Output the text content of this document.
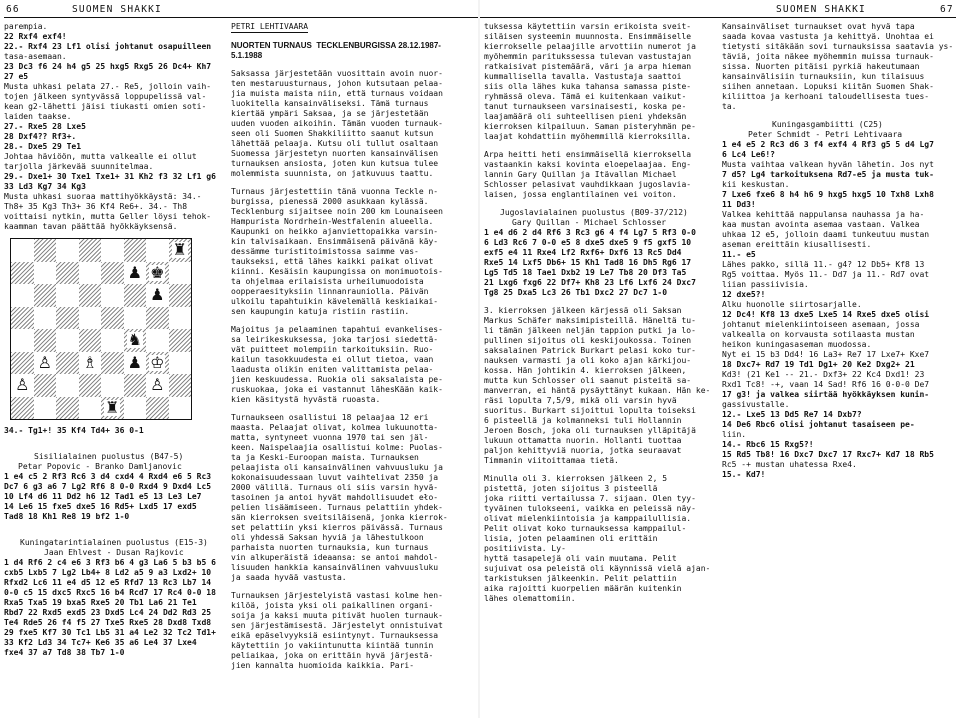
66	SUOMEN SHAKKI
parempia.
22 Rxf4 exf4!
22.- Rxf4 23 Lf1 olisi johtanut osapuilleen
tasa-asemaan.
23 Dc3 f6 24 h4 g5 25 hxg5 Rxg5 26 Dc4+ Kh7
27 e5
Musta uhkasi pelata 27.- Re5, jolloin vaih-
tojen jälkeen syntyvässä loppupelissä val-
kean g2-lähetti jäisi tiukasti omien soti-
laiden taakse.
27.- Rxe5 28 Lxe5
28 Dxf4?? Rf3+.
28.- Dxe5 29 Te1
Johtaa häviöön, mutta valkealle ei ollut
tarjolla järkevää suunnitelmaa.
29.- Dxe1+ 30 Txe1 Txe1+ 31 Kh2 f3 32 Lf1 g6
33 Ld3 Kg7 34 Kg3
Musta uhkasi suoraa mattihyökkäystä: 34.-
Th8+ 35 Kg3 Th3+ 36 Kf4 Re6+. 34.- Th8
voittaisi nytkin, mutta Geller löysi tehok-
kaamman tavan päättää hyökkäyksensä.
♜
♟ ♚
♟
♞
♙ ♗ ♟ ♔
♙	♙
♜
34.- Tg1+! 35 Kf4 Td4+ 36 0-1
Sisilialainen puolustus (B47-5)
Petar Popovic - Branko Damljanovic
1 e4 c5 2 Rf3 Rc6 3 d4 cxd4 4 Rxd4 e6 5 Rc3
Dc7 6 g3 a6 7 Lg2 Rf6 8 0-0 Rxd4 9 Dxd4 Lc5
10 Lf4 d6 11 Dd2 h6 12 Tad1 e5 13 Le3 Le7
14 Le6 15 fxe5 dxe5 16 Rd5+ Lxd5 17 exd5
Tad8 18 Kh1 Re8 19 bf2 1-0
Kuningatarintialainen puolustus (E15-3)
Jaan Ehlvest - Dusan Rajkovic
1 d4 Rf6 2 c4 e6 3 Rf3 b6 4 g3 La6 5 b3 b5 6
cxb5 Lxb5 7 Lg2 Lb4+ 8 Ld2 a5 9 a3 Lxd2+ 10
Rfxd2 Lc6 11 e4 d5 12 e5 Rfd7 13 Rc3 Lb7 14
0-0 c5 15 dxc5 Rxc5 16 b4 Rcd7 17 Rc4 0-0 18
Rxa5 Txa5 19 bxa5 Rxe5 20 Tb1 La6 21 Te1
Rbd7 22 Rxd5 exd5 23 Dxd5 Lc4 24 Dd2 Rd3 25
Te4 Rde5 26 f4 f5 27 Txe5 Rxe5 28 Dxd8 Txd8
29 fxe5 Kf7 30 Tc1 Lb5 31 a4 Le2 32 Tc2 Td1+
33 Kf2 Ld3 34 Tc7+ Ke6 35 a6 Le4 37 Lxe4
fxe4 37 a7 Td8 38 Tb7 1-0
PETRI LEHTIVAARA
NUORTEN TURNAUS  TECKLENBURGISSA 28.12.1987-
5.1.1988
Saksassa järjestetään vuosittain avoin nuor-
ten mestaruusturnaus, johon kutsutaan pelaa-
jia muista maista niin, että turnaus voidaan
luokitella kansainväliseksi. Tämä turnaus
kiertää ympäri Saksaa, ja se järjestetään
uuden vuoden aikoihin. Tämän vuoden turnauk-
seen oli Suomen Shakkiliitto saanut kutsun
lähettää pelaaja. Kutsu oli tullut osaltaan
Suomessa järjestetyn nuorten kansainvälisen
turnauksen ansiosta, joten kun kutsua tuleе
molemmista suunnista, on jatkuvuus taattu.
Turnaus järjestettiin tänä vuonna Teckle n-
burgissa, pienessä 2000 asukkaan kylässä.
Tecklenburg sijaitsee noin 200 km Lounaiseen
Hampurista Nordrhein-Westfalenin alueella.
Kaupunki on heikko ajanviettopaikka varsin-
kin talvisaikaan. Ensimmäisenä päivänä käy-
dessämme turistitoimistossa saimme vas-
taukseksi, että lähes kaikki paikat olivat
kiinni. Kesäisin kaupungissa on monimuotois-
ta ohjelmaa erilaisista urheilumuodoista
oopperaesityksiin linnanrauniolla. Päivän
ulkoilu tapahtuikin kävelemällä keskiaikai-
sen kaupungin katuja ristiin rastiin.
Majoitus ja pelaaminen tapahtui evankelises-
sa leirikeskuksessa, joka tarjosi siedettä-
vät puitteet molempiin tarkoituksiin. Ruo-
kailun tasokkuudesta ei ollut tietoa, vaan
laadusta olikin eniten valittamista pelaa-
jien keskuudessa. Ruokia oli saksalaista pe-
ruskuokaa, joka ei vastannut lähesKään kaik-
kien käsitystä hyvästä ruoasta.
Turnaukseen osallistui 18 pelaajaa 12 eri
maasta. Pelaajat olivat, kolmea lukuunotta-
matta, syntyneet vuonna 1970 tai sen jäl-
keen. Naispelaajia osallistui kolme: Puolas-
ta ja Keski-Euroopan maista. Turnauksen
pelaajista oli kansainvälinen vahvuusluku ja
kokonaisuudessaan luvut vaihtelivat 2350 ja
2000 välillä. Turnaus oli siis varsin hyvä-
tasoinen ja antoi hyvät mahdollisuudet eło-
pelien lisäämiseen. Turnaus pelattiin yhdek-
sän kierroksen sveitsiläisenä, jonka kierrok-
set pelattiin yksi kierros päivässä. Turnaus
oli yhdessä Saksan hyviä ja lähestulkoon
parhaista nuorten turnauksia, kun turnaus
vin alkuperäistä ideaansa: se antoi mahdol-
lisuuden hankkia kansainvälinen vahvuusluku
ja saada hyvää vastusta.
Turnauksen järjestelyistä vastasi kolme hen-
kilöä, joista yksi oli paikallinen organi-
soija ja kaksi muuta pitivät huolen turnauk-
sen järjestämisestä. Järjestelyt onnistuivat
eikä epäselvyyksiä esiintynyt. Turnauksessa
käytettiin jo vakiintunutta kiintää tunnin
peliaikaa, joka on erittäin hyvä järjestä-
jien kannalta huomioida kaikkia. Pari-
SUOMEN SHAKKI	67
tuksessa käytettiin varsin erikoista sveit-
siläisen systeemin muunnosta. Ensimmäiselle
kierrokselle pelaajille arvottiin numerot ja
myöhemmin paritukssessa tulevan vastustajan
ratkaisivat pistemäärä, väri ja arpa hieman
kummallisella tavalla. Vastustaja saattoi
siis olla lähes kuka tahansa samassa piste-
ryhmässä oleva. Tämä ei kuitenkaan vaikut-
tanut turnaukseen varsinaisesti, koska pe-
laajamäärä oli suhteellisen pieni yhdeksän
kierroksen kilpailuun. Saman pisteryhmän pe-
laajat kohdattiin myöhemmillä kierroksilla.
Arpa heitti heti ensimmäisellä kierroksella
vastaankin kaksi kovinta eloepelaajaa. Eng-
lannin Gary Quillan ja Itävallan Michael
Schlosser pelasivat vauhdikkaan jugoslavia-
laisen, jossa englantilainen vei voiton.
Jugoslavialainen puolustus (B09-37/212)
Gary Quillan - Michael Schlosser
1 e4 d6 2 d4 Rf6 3 Rc3 g6 4 f4 Lg7 5 Rf3 0-0
6 Ld3 Rc6 7 0-0 e5 8 dxe5 dxe5 9 f5 gxf5 10
exf5 e4 11 Rxe4 Lf2 Rxf6+ Dxf6 13 Rc5 Dd4
Rxe5 14 Lxf5 Db6+ 15 Kh1 Tad8 16 Dh5 Rg6 17
Lg5 Td5 18 Tae1 Dxb2 19 Le7 Tb8 20 Df3 Ta5
21 Lxg6 fxg6 22 Df7+ Kh8 23 Lf6 Lxf6 24 Dxc7
Tg8 25 Dxa5 Lc3 26 Tb1 Dxc2 27 Dc7 1-0
3. kierroksen jälkeen kärjessä oli Saksan
Markus Schäfer maksimipisteillä. Häneltä tu-
li tämän jälkeen neljän tappion putki ja lo-
pullinen sijoitus oli keskijoukossa. Toinen
saksalainen Patrick Burkart pelasi koko tur-
nauksen varmasti ja oli koko ajan kärkijou-
kossa. Hän johtikin 4. kierroksen jälkeen,
mutta kun Schlosser oli saanut pisteitä sa-
manverran, ei häntä pysäyttänyt kukaan. Hän ke-
räsi lopulta 7,5/9, mikä oli varsin hyvä
suoritus. Burkart sijoittui lopulta toiseksi
6 pisteellä ja kolmanneksi tuli Hollannin
Jeroen Bosch, joka oli turnauksen ylläpitäjä
lukuun ottamatta nuorin. Hollanti tuottaa
paljon kehittyviä nuoria, jotka seuraavat
Timmanin viitoittamaa tietä.
Minulla oli 3. kierroksen jälkeen 2, 5
pistettä, joten sijoitus 3 pisteellä
joka riitti vertailussa 7. sijaan. Olen tyy-
tyväinen tulokseeni, vaikka en peleissä näy-
olivat mielenkiintoisia ja kamppailullisia.
Pelit olivat koko turnauksessa kamppailul-
lisia, joten pelaaminen oli erittäin positiivista. Ly-
hyttä tasapelejä oli vain muutama. Pelit
sujuivat osa peleistä oli käynnissä vielä ajan-
tarkistuksen jälkeenkin. Pelit pelattiin
aika rajoitti kuorpelien määrän kuitenkin
lähes olemattomiin.
Kansainväliset turnaukset ovat hyvä tapa
saada kovaa vastusta ja kehittyä. Unohtaa ei
tietysti sitäkään sovi turnauksissa saatavia ys-
täviä, joita näkee myöhemmin muissa turnauk-
sissa. Nuorten pitäisi pyrkiä hakeutumaan
kansainvälisiin turnauksiin, kun tilaisuus
siihen annetaan. Lopuksi kiitän Suomen Shak-
kiliittoa ja kerhoani taloudellisesta tues-
ta.
Kuningasgambiitti (C25)
Peter Schmidt - Petri Lehtivaara
1 e4 e5 2 Rc3 d6 3 f4 exf4 4 Rf3 g5 5 d4 Lg7
6 Lc4 Le6!?
Musta vaihtaa valkean hyvän lähetin. Jos nyt
7 d5? Lg4 tarkoituksena Rd7-e5 ja musta tuk-
kii keskustan.
7 Lxe6 fxe6 8 h4 h6 9 hxg5 hxg5 10 Txh8 Lxh8
11 Dd3!
Valkea kehittää nappulansa nauhassa ja ha-
kaa mustan avointa asemaa vastaan. Valkea
uhkaa 12 e5, jolloin daami tunkeutuu mustan
aseman ereittäin kiusallisesti.
11.- e5
Lähes pakko, sillä 11.- g4? 12 Db5+ Kf8 13
Rg5 voittaa. Myös 11.- Dd7 ja 11.- Rd7 ovat
liian passiivisia.
12 dxe5?!
Alku huonolle siirtosarjalle.
12 Dc4! Kf8 13 dxe5 Lxe5 14 Rxe5 dxe5 olisi
johtanut mielenkiintoiseen asemaan, jossa
valkealla on korvausta sotilaasta mustan
heikon kuningasaseman muodossa.
Nyt ei 15 b3 Dd4! 16 La3+ Re7 17 Lxe7+ Kxe7
18 Dxc7+ Rd7 19 Td1 Dg1+ 20 Ke2 Dxg2+ 21
Kd3! (21 Ke1 -- 21.- Dxf3+ 22 Kc4 Dxd1! 23
Rxd1 Tc8! -+, vaan 14 Sad! Rf6 16 0-0-0 De7
17 g3! ja valkea siirtää hyökkäyksen kunin-
gassivustalle.
12.- Lxe5 13 Dd5 Re7 14 Dxb7?
14 De6 Rbc6 olisi johtanut tasaiseen pe-
liin.
14.- Rbc6 15 Rxg5?!
15 Rd5 Tb8! 16 Dxc7 Dxc7 17 Rxc7+ Kd7 18 Rb5
Rc5 -+ mustan uhatessa Rxe4.
15.- Kd7!
